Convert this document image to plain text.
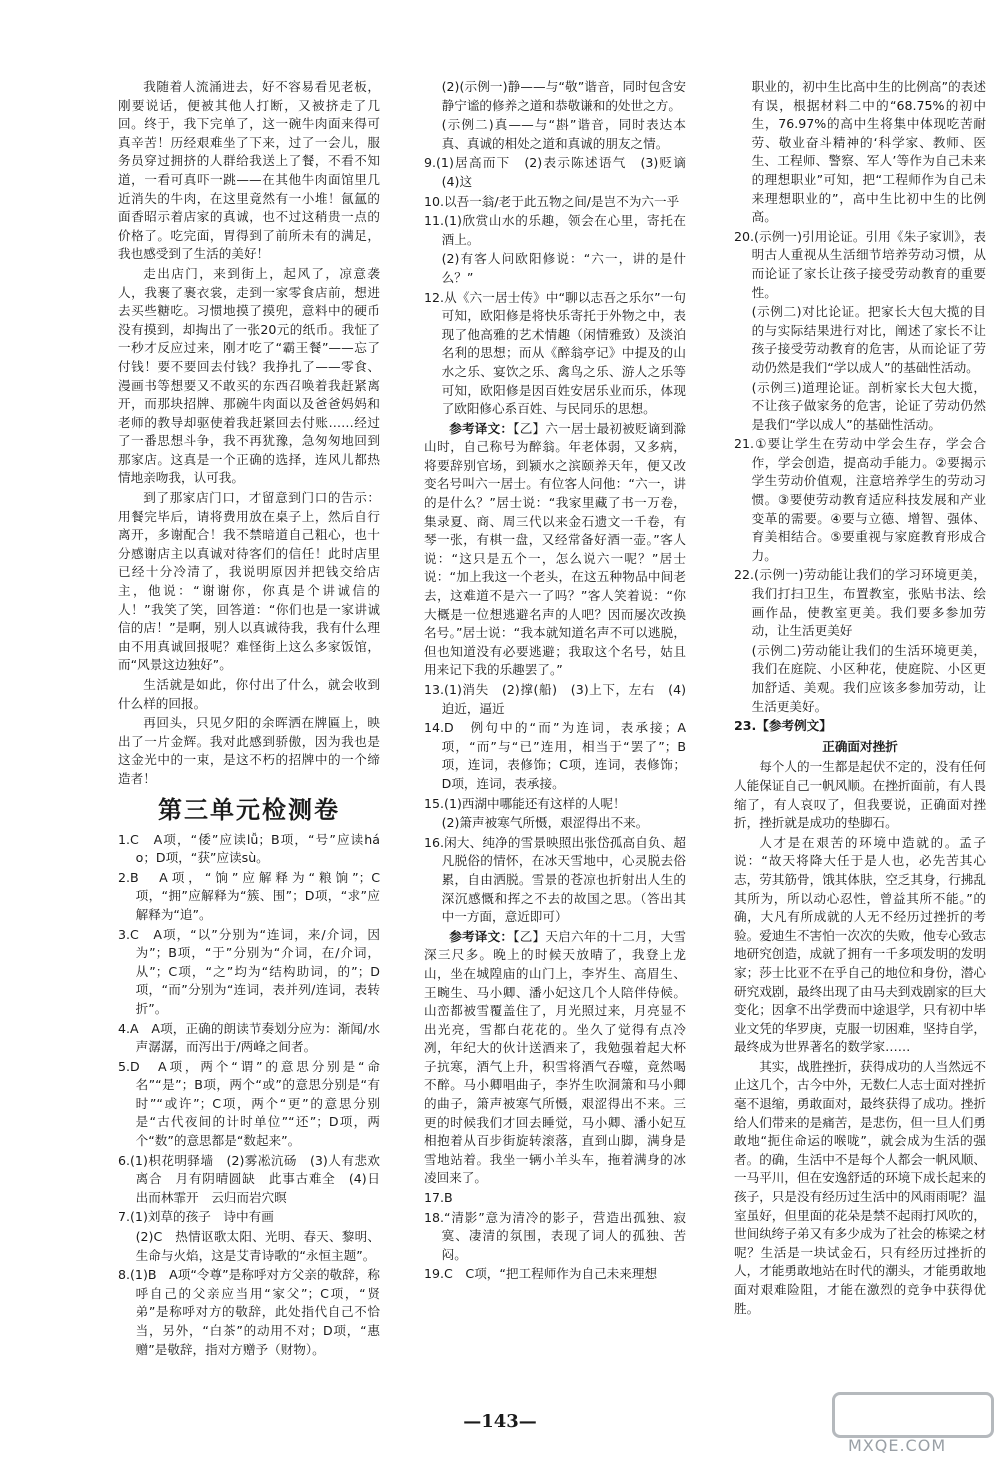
我随着人流涌进去，好不容易看见老板，刚要说话，便被其他人打断，又被挤走了几回。终于，我下完单了，这一碗牛肉面来得可真辛苦！历经艰难坐了下来，过了一会儿，服务员穿过拥挤的人群给我送上了餐，不看不知道，一看可真吓一跳——在其他牛肉面馆里几近消失的牛肉，在这里竟然有一小堆！氤氲的面香昭示着店家的真诚，也不过这稍贵一点的价格了。吃完面，胃得到了前所未有的满足，我也感受到了生活的美好！

走出店门，来到街上，起风了，凉意袭人，我裹了裹衣裳，走到一家零食店前，想进去买些糖吃。习惯地摸了摸兜，意料中的硬币没有摸到，却掏出了一张20元的纸币。我怔了一秒才反应过来，刚才吃了“霸王餐”——忘了付钱！要不要回去付钱？我挣扎了——零食、漫画书等想要又不敢买的东西召唤着我赶紧离开，而那块招牌、那碗牛肉面以及爸爸妈妈和老师的教导却驱使着我赶紧回去付账……经过了一番思想斗争，我不再犹豫，急匆匆地回到那家店。这真是一个正确的选择，连风儿都热情地亲吻我，认可我。

到了那家店门口，才留意到门口的告示：用餐完毕后，请将费用放在桌子上，然后自行离开，多谢配合！我不禁暗道自己粗心，也十分感谢店主以真诚对待客们的信任！此时店里已经十分冷清了，我说明原因并把钱交给店主，他说：“谢谢你，你真是个讲诚信的人！”我笑了笑，回答道：“你们也是一家讲诚信的店！”是啊，别人以真诚待我，我有什么理由不用真诚回报呢？难怪街上这么多家饭馆，而“风景这边独好”。

生活就是如此，你付出了什么，就会收到什么样的回报。

再回头，只见夕阳的余晖洒在牌匾上，映出了一片金辉。我对此感到骄傲，因为我也是这金光中的一束，是这不朽的招牌中的一个缔造者！

第三单元检测卷

1.C　A项，“倭”应读lǚ；B项，“号”应读háo；D项，“获”应读sù。

2.B　A项，“饷”应解释为“粮饷”；C项，“拥”应解释为“簇、围”；D项，“求”应解释为“追”。

3.C　A项，“以”分别为“连词，来/介词，因为”；B项，“于”分别为“介词，在/介词，从”；C项，“之”均为“结构助词，的”；D项，“而”分别为“连词，表并列/连词，表转折”。

4.A　A项，正确的朗读节奏划分应为：渐闻/水声潺潺，而泻出于/两峰之间者。

5.D　A项，两个“谓”的意思分别是“命名”“是”；B项，两个“或”的意思分别是“有时”“或许”；C项，两个“更”的意思分别是“古代夜间的计时单位”“还”；D项，两个“数”的意思都是“数起来”。

6.(1)枳花明驿墙　(2)雾凇沆砀　(3)人有悲欢离合　月有阴晴圆缺　此事古难全　(4)日出而林霏开　云归而岩穴暝

7.(1)刘草的孩子　诗中有画

(2)C　热情讴歌太阳、光明、春天、黎明、生命与火焰，这是艾青诗歌的“永恒主题”。

8.(1)B　A项“令尊”是称呼对方父亲的敬辞，称呼自己的父亲应当用“家父”；C项，“贤弟”是称呼对方的敬辞，此处指代自己不恰当，另外，“白茶”的动用不对；D项，“惠赠”是敬辞，指对方赠予（财物）。

(2)(示例一)静——与“敬”谐音，同时包含安静宁谧的修养之道和恭敬谦和的处世之方。

(示例二)真——与“斟”谐音，同时表达本真、真诚的相处之道和真诚的朋友之情。

9.(1)居高而下　(2)表示陈述语气　(3)贬谪　(4)这

10.以吾一翁/老于此五物之间/是岂不为六一乎

11.(1)欣赏山水的乐趣，领会在心里，寄托在酒上。

(2)有客人问欧阳修说：“六一，讲的是什么？”

12.从《六一居士传》中“聊以志吾之乐尔”一句可知，欧阳修是将快乐寄托于外物之中，表现了他高雅的艺术情趣（闲情雅致）及淡泊名利的思想；而从《醉翁亭记》中提及的山水之乐、宴饮之乐、禽鸟之乐、游人之乐等可知，欧阳修是因百姓安居乐业而乐，体现了欧阳修心系百姓、与民同乐的思想。

参考译文：【乙】六一居士最初被贬谪到滁山时，自己称号为醉翁。年老体弱，又多病，将要辞别官场，到颍水之滨颐养天年，便又改变名号叫六一居士。有位客人问他：“六一，讲的是什么？”居士说：“我家里藏了书一万卷，集录夏、商、周三代以来金石遗文一千卷，有琴一张，有棋一盘，又经常备好酒一壶。”客人说：“这只是五个一，怎么说六一呢？”居士说：“加上我这一个老头，在这五种物品中间老去，这难道不是六一了吗？”客人笑着说：“你大概是一位想逃避名声的人吧？因而屡次改换名号。”居士说：“我本就知道名声不可以逃脱，但也知道没有必要逃避；我取这个名号，姑且用来记下我的乐趣罢了。”

13.(1)消失　(2)撑(船)　(3)上下，左右　(4)迫近，逼近

14.D　例句中的“而”为连词，表承接；A项，“而”与“已”连用，相当于“罢了”；B项，连词，表修饰；C项，连词，表修饰；D项，连词，表承接。

15.(1)西湖中哪能还有这样的人呢！

(2)箫声被寒气所慑，艰涩得出不来。

16.闲大、纯净的雪景映照出张岱孤高自负、超凡脱俗的情怀，在冰天雪地中，心灵脱去俗累，自由洒脱。雪景的苍凉也折射出人生的深沉感慨和挥之不去的故国之思。（答出其中一方面，意近即可）

参考译文：【乙】天启六年的十二月，大雪深三尺多。晚上的时候天放晴了，我登上龙山，坐在城隍庙的山门上，李岕生、高眉生、王畹生、马小卿、潘小妃这几个人陪伴侍候。山峦都被雪覆盖住了，月光照过来，月亮显不出光亮，雪都白花花的。坐久了觉得有点冷冽，年纪大的伙计送酒来了，我勉强着起大杯子抗寒，酒气上升，积雪将酒气吞噬，竟然喝不醉。马小卿唱曲子，李岕生吹洞箫和马小卿的曲子，箫声被寒气所慑，艰涩得出不来。三更的时候我们才回去睡觉，马小卿、潘小妃互相抱着从百步街旋转滚落，直到山脚，满身是雪地站着。我坐一辆小羊头车，拖着满身的冰凌回来了。

17.B

18.“清影”意为清冷的影子，营造出孤独、寂寞、凄清的氛围，表现了词人的孤独、苦闷。

19.C　C项，“把工程师作为自己未来理想

职业的，初中生比高中生的比例高”的表述有误，根据材料二中的“68.75%的初中生，76.97%的高中生将集中体现吃苦耐劳、敬业奋斗精神的‘科学家、教师、医生、工程师、警察、军人’等作为自己未来的理想职业”可知，把“工程师作为自己未来理想职业的”，高中生比初中生的比例高。

20.(示例一)引用论证。引用《朱子家训》，表明古人重视从生活细节培养劳动习惯，从而论证了家长让孩子接受劳动教育的重要性。

(示例二)对比论证。把家长大包大揽的目的与实际结果进行对比，阐述了家长不让孩子接受劳动教育的危害，从而论证了劳动仍然是我们“学以成人”的基础性活动。

(示例三)道理论证。剖析家长大包大揽，不让孩子做家务的危害，论证了劳动仍然是我们“学以成人”的基础性活动。

21.①要让学生在劳动中学会生存，学会合作，学会创造，提高动手能力。②要揭示学生劳动价值观，注意培养学生的劳动习惯。③要使劳动教育适应科技发展和产业变革的需要。④要与立德、增智、强体、育美相结合。⑤要重视与家庭教育形成合力。

22.(示例一)劳动能让我们的学习环境更美，我们打扫卫生，布置教室，张贴书法、绘画作品，使教室更美。我们要多参加劳动，让生活更美好

(示例二)劳动能让我们的生活环境更美，我们在庭院、小区种花，使庭院、小区更加舒适、美观。我们应该多参加劳动，让生活更美好。

23.【参考例文】

正确面对挫折

每个人的一生都是起伏不定的，没有任何人能保证自己一帆风顺。在挫折面前，有人畏缩了，有人哀叹了，但我要说，正确面对挫折，挫折就是成功的垫脚石。

人才是在艰苦的环境中造就的。孟子说：“故天将降大任于是人也，必先苦其心志，劳其筋骨，饿其体肤，空乏其身，行拂乱其所为，所以动心忍性，曾益其所不能。”的确，大凡有所成就的人无不经历过挫折的考验。爱迪生不害怕一次次的失败，他专心致志地研究创造，成就了拥有一千多项发明的发明家；莎士比亚不在乎自己的地位和身份，潜心研究戏剧，最终出现了由马夫到戏剧家的巨大变化；因拿不出学费而中途退学，只有初中毕业文凭的华罗庚，克服一切困难，坚持自学，最终成为世界著名的数学家……

其实，战胜挫折，获得成功的人当然远不止这几个，古今中外，无数仁人志士面对挫折毫不退缩，勇敢面对，最终获得了成功。挫折给人们带来的是痛苦，是悲伤，但一旦人们勇敢地“扼住命运的喉咙”，就会成为生活的强者。的确，生活中不是每个人都会一帆风顺、一马平川，但在安逸舒适的环境下成长起来的孩子，只是没有经历过生活中的风雨雨呢？温室虽好，但里面的花朵是禁不起雨打风吹的，世间纨绔子弟又有多少成为了社会的栋梁之材呢？生活是一块试金石，只有经历过挫折的人，才能勇敢地站在时代的潮头，才能勇敢地面对艰难险阻，才能在激烈的竞争中获得优胜。

—143—
MXQE.COM
